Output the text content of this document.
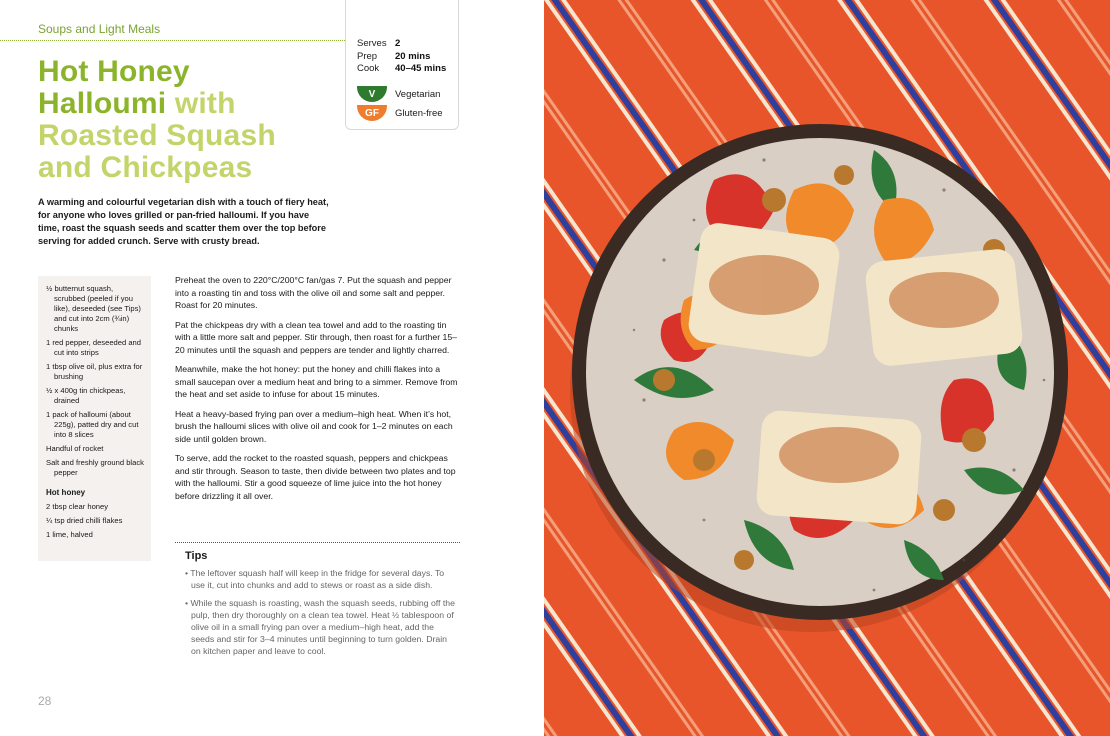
Soups and Light Meals
Hot Honey
Halloumi with
Roasted Squash
and Chickpeas

A warming and colourful vegetarian dish with a touch of fiery heat, for anyone who loves grilled or pan-fried halloumi. If you have time, roast the squash seeds and scatter them over the top before serving for added crunch. Serve with crusty bread.

Serves 2
Prep	20 mins
Cook	40–45 mins
V	Vegetarian
GF	Gluten-free

½ butternut squash, scrubbed (peeled if you like), deseeded (see Tips) and cut into 2cm (¾in) chunks

1 red pepper, deseeded and cut into strips

1 tbsp olive oil, plus extra for brushing

½ x 400g tin chickpeas, drained

1 pack of halloumi (about 225g), patted dry and cut into 8 slices

Handful of rocket

Salt and freshly ground black pepper

Hot honey

2 tbsp clear honey

¼ tsp dried chilli flakes

1 lime, halved

Preheat the oven to 220°C/200°C fan/gas 7. Put the squash and pepper into a roasting tin and toss with the olive oil and some salt and pepper. Roast for 20 minutes.

Pat the chickpeas dry with a clean tea towel and add to the roasting tin with a little more salt and pepper. Stir through, then roast for a further 15–20 minutes until the squash and peppers are tender and lightly charred.

Meanwhile, make the hot honey: put the honey and chilli flakes into a small saucepan over a medium heat and bring to a simmer. Remove from the heat and set aside to infuse for about 15 minutes.

Heat a heavy-based frying pan over a medium–high heat. When it’s hot, brush the halloumi slices with olive oil and cook for 1–2 minutes on each side until golden brown.

To serve, add the rocket to the roasted squash, peppers and chickpeas and stir through. Season to taste, then divide between two plates and top with the halloumi. Stir a good squeeze of lime juice into the hot honey before drizzling it all over.

Tips

• The leftover squash half will keep in the fridge for several days. To use it, cut into chunks and add to stews or roast as a side dish.

• While the squash is roasting, wash the squash seeds, rubbing off the pulp, then dry thoroughly on a clean tea towel. Heat ½ tablespoon of olive oil in a small frying pan over a medium–high heat, add the seeds and stir for 3–4 minutes until beginning to turn golden. Drain on kitchen paper and leave to cool.

28
